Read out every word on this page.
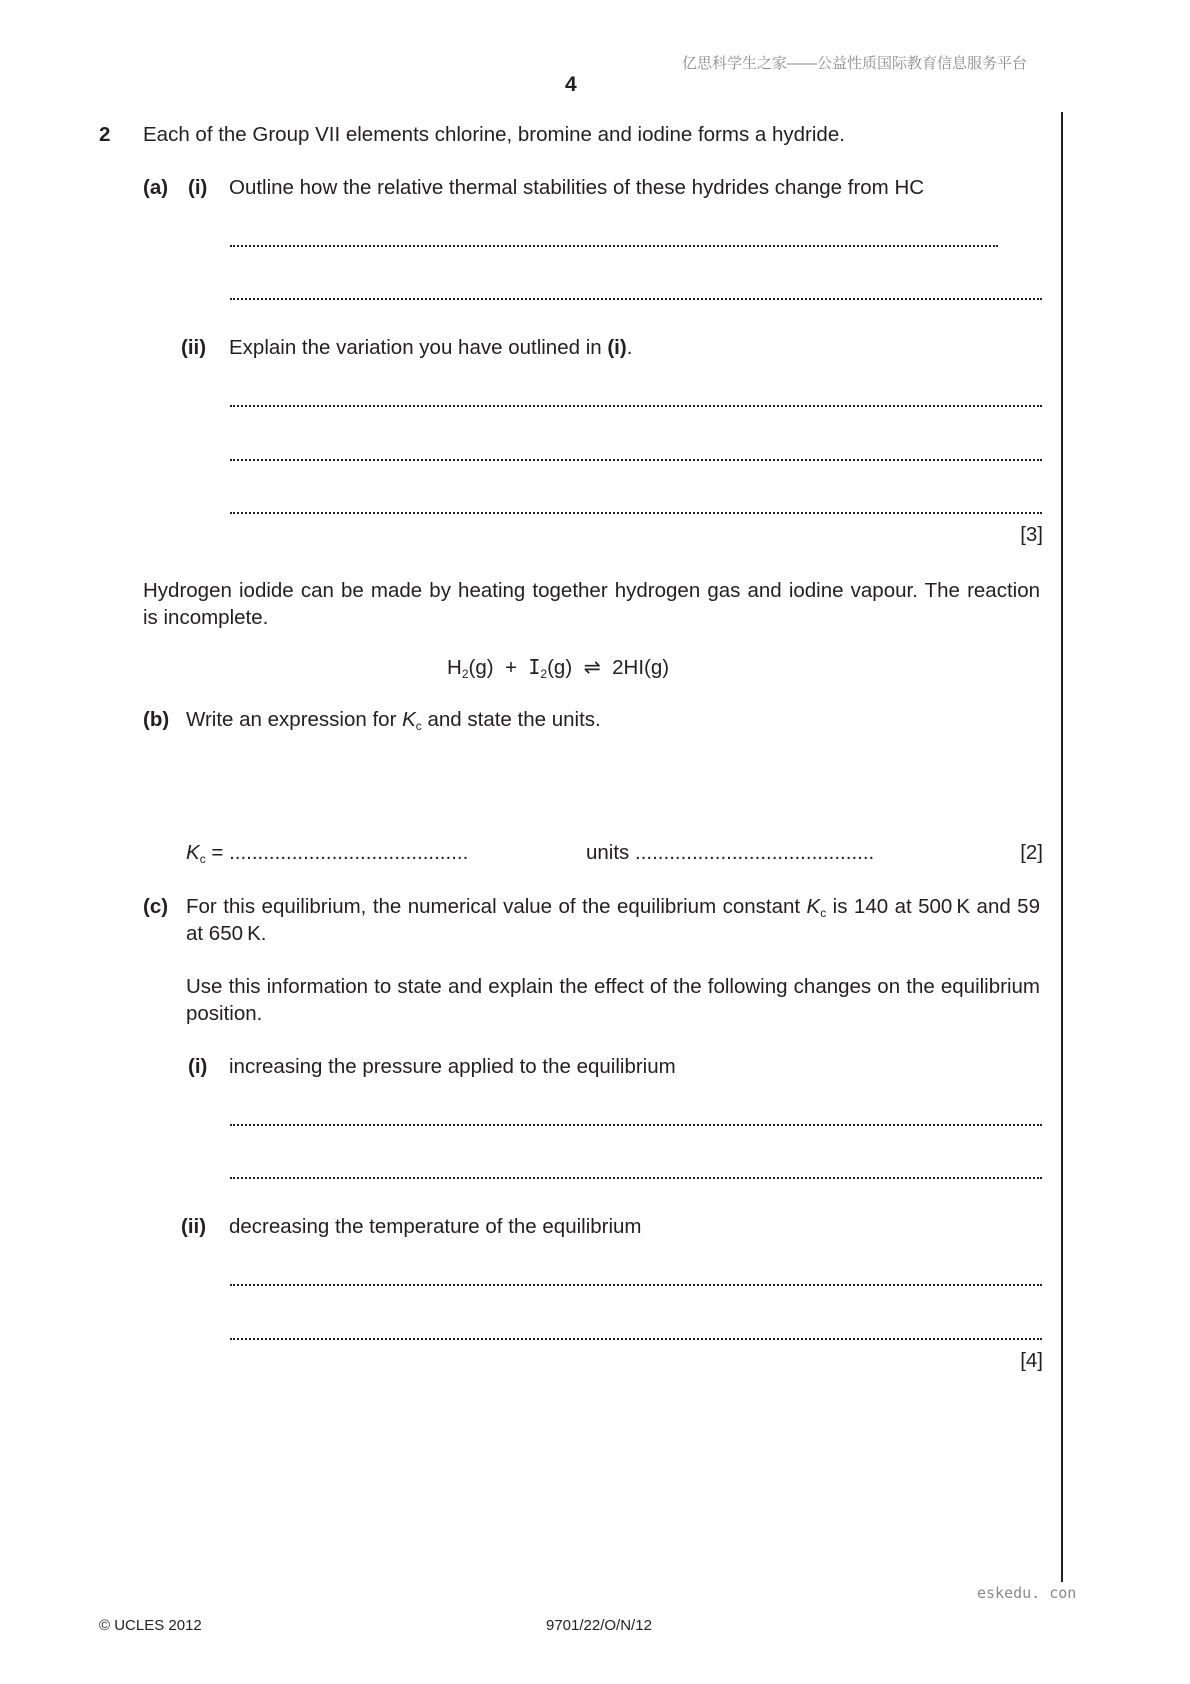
亿思科学生之家——公益性质国际教育信息服务平台
4
2 Each of the Group VII elements chlorine, bromine and iodine forms a hydride.
(a) (i) Outline how the relative thermal stabilities of these hydrides change from HC
(ii) Explain the variation you have outlined in (i).
[3]
Hydrogen iodide can be made by heating together hydrogen gas and iodine vapour. The reaction is incomplete.
$H_2(g) + I_2(g)$ ⇌ 2HI(g)
(b) Write an expression for $K_c$ and state the units.
$K_c$ = ..........................................	units ..........................................	[2]
(c) For this equilibrium, the numerical value of the equilibrium constant $K_c$ is 140 at 500 K and 59 at 650 K.
Use this information to state and explain the effect of the following changes on the equilibrium position.
(i) increasing the pressure applied to the equilibrium
(ii) decreasing the temperature of the equilibrium
[4]
eskedu. con
© UCLES 2012	9701/22/O/N/12
